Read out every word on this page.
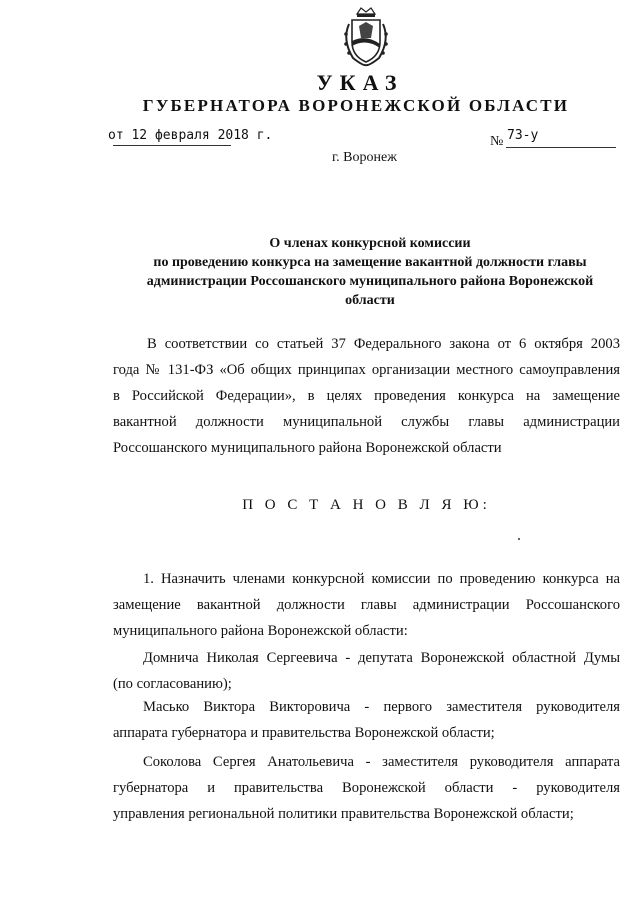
УКАЗ
ГУБЕРНАТОРА ВОРОНЕЖСКОЙ ОБЛАСТИ
от 12 февраля 2018 г.	№ 73-у
г. Воронеж
О членах конкурсной комиссии
по проведению конкурса на замещение вакантной должности главы
администрации Россошанского муниципального района Воронежской
области
В соответствии со статьей 37 Федерального закона от 6 октября 2003
года № 131-ФЗ «Об общих принципах организации местного самоуправления
в Российской Федерации», в целях проведения конкурса на замещение
вакантной должности муниципальной службы главы администрации
Россошанского муниципального района Воронежской области
П О С Т А Н О В Л Я Ю:
1. Назначить членами конкурсной комиссии по проведению конкурса на
замещение вакантной должности главы администрации Россошанского
муниципального района Воронежской области:
Домнича Николая Сергеевича - депутата Воронежской областной Думы
(по согласованию);
Масько Виктора Викторовича - первого заместителя руководителя
аппарата губернатора и правительства Воронежской области;
Соколова Сергея Анатольевича - заместителя руководителя аппарата
губернатора и правительства Воронежской области - руководителя
управления региональной политики правительства Воронежской области;
